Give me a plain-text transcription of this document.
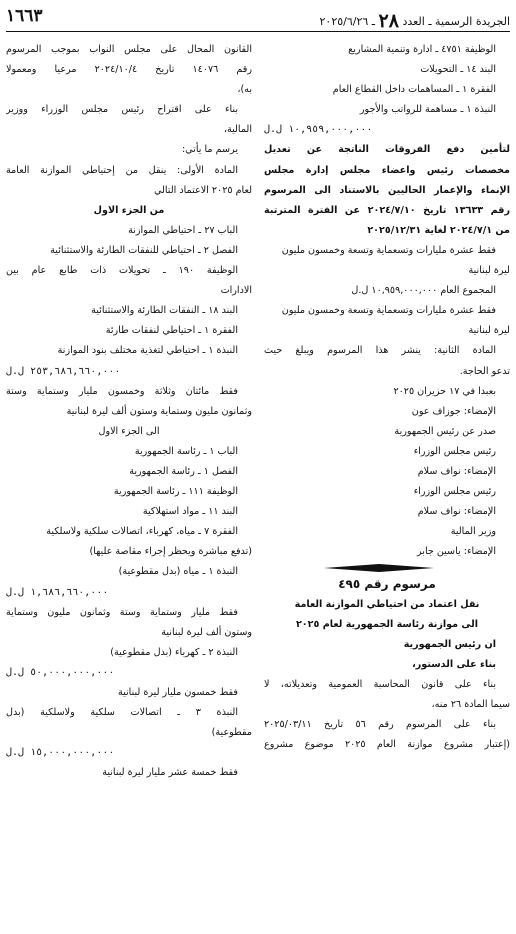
الجريدة الرسمية ـ العدد ٢٨ ـ ٢٠٢٥/٦/٢٦
١٦٦٣
الوظيفة ٤٧٥١ ـ ادارة وتنمية المشاريع
البند ١٤ ـ التحويلات
الفقرة ١ ـ المساهمات داخل القطاع العام
النبذة ١ ـ مساهمة للرواتب والأجور
١٠,٩٥٩,٠٠٠,٠٠٠ ل.ل
لتأمين دفع الفروقات الناتجة عن تعديل
مخصصات رئيس واعضاء مجلس إدارة مجلس
الإنماء والإعمار الحاليين بالاستناد الى المرسوم
رقم ١٣٦٣٣ تاريخ ٢٠٢٤/٧/١٠ عن الفترة المترتبة
من ٢٠٢٤/٧/١ لغاية ٢٠٢٥/١٢/٣١
فقط عشرة مليارات وتسعماية وتسعة وخمسون مليون
ليرة لبنانية
المجموع العام ١٠,٩٥٩,٠٠٠,٠٠٠ ل.ل
فقط عشرة مليارات وتسعماية وتسعة وخمسون مليون
ليرة لبنانية
المادة الثانية: ينشر هذا المرسوم ويبلغ حيث
تدعو الحاجة.
بعبدا في ١٧ حزيران ٢٠٢٥
الإمضاء: جوزاف عون
صدر عن رئيس الجمهورية
رئيس مجلس الوزراء
الإمضاء: نواف سلام
رئيس مجلس الوزراء
الإمضاء: نواف سلام
وزير المالية
الإمضاء: ياسين جابر
مرسوم رقم ٤٩٥
نقل اعتماد من احتياطي الموازنة العامة
الى موازنة رئاسة الجمهورية لعام ٢٠٢٥
ان رئيس الجمهورية
بناء على الدستور،
بناء على قانون المحاسبة العمومية وتعديلاته، لا
سيما المادة ٢٦ منه،
بناء على المرسوم رقم ٥٦ تاريخ ٢٠٢٥/٠٣/١١
(إعتبار مشروع موازنة العام ٢٠٢٥ موضوع مشروع
القانون المحال على مجلس النواب بموجب المرسوم
رقم ١٤٠٧٦ تاريخ ٢٠٢٤/١٠/٤ مرعيا ومعمولا
به)،
بناء على اقتراح رئيس مجلس الوزراء ووزير
المالية،
يرسم ما يأتي:
المادة الأولى: ينقل من إحتياطي الموازنة العامة
لعام ٢٠٢٥ الاعتماد التالي
من الجزء الاول
الباب ٢٧ ـ احتياطي الموازنة
الفصل ٢ ـ احتياطي للنفقات الطارئة والاستثنائية
الوظيفة ١٩٠ ـ تحويلات ذات طابع عام بين
الادارات
البند ١٨ ـ النفقات الطارئة والاستثنائية
الفقرة ١ ـ احتياطي لنفقات طارئة
النبذة ١ ـ احتياطي لتغذية مختلف بنود الموازنة
٢٥٣,٦٨٦,٦٦٠,٠٠٠ ل.ل
فقط مائتان وثلاثة وخمسون مليار وستماية وستة
وثمانون مليون وستماية وستون ألف ليرة لبنانية
الى الجزء الاول
الباب ١ ـ رئاسة الجمهورية
الفصل ١ ـ رئاسة الجمهورية
الوظيفة ١١١ ـ رئاسة الجمهورية
البند ١١ ـ مواد استهلاكية
الفقرة ٧ ـ مياه، كهرباء، اتصالات سلكية ولاسلكية
(تدفع مباشرة ويحظر إجراء مقاصة عليها)
النبذة ١ ـ مياه (بدل مقطوعية)
١,٦٨٦,٦٦٠,٠٠٠ ل.ل
فقط مليار وستماية وستة وثمانون مليون وستماية
وستون ألف ليرة لبنانية
النبذة ٢ ـ كهرباء (بدل مقطوعية)
٥٠,٠٠٠,٠٠٠,٠٠٠ ل.ل
فقط خمسون مليار ليرة لبنانية
النبذة ٣ ـ اتصالات سلكية ولاسلكية (بدل
مقطوعية)
١٥,٠٠٠,٠٠٠,٠٠٠ ل.ل
فقط خمسة عشر مليار ليرة لبنانية
